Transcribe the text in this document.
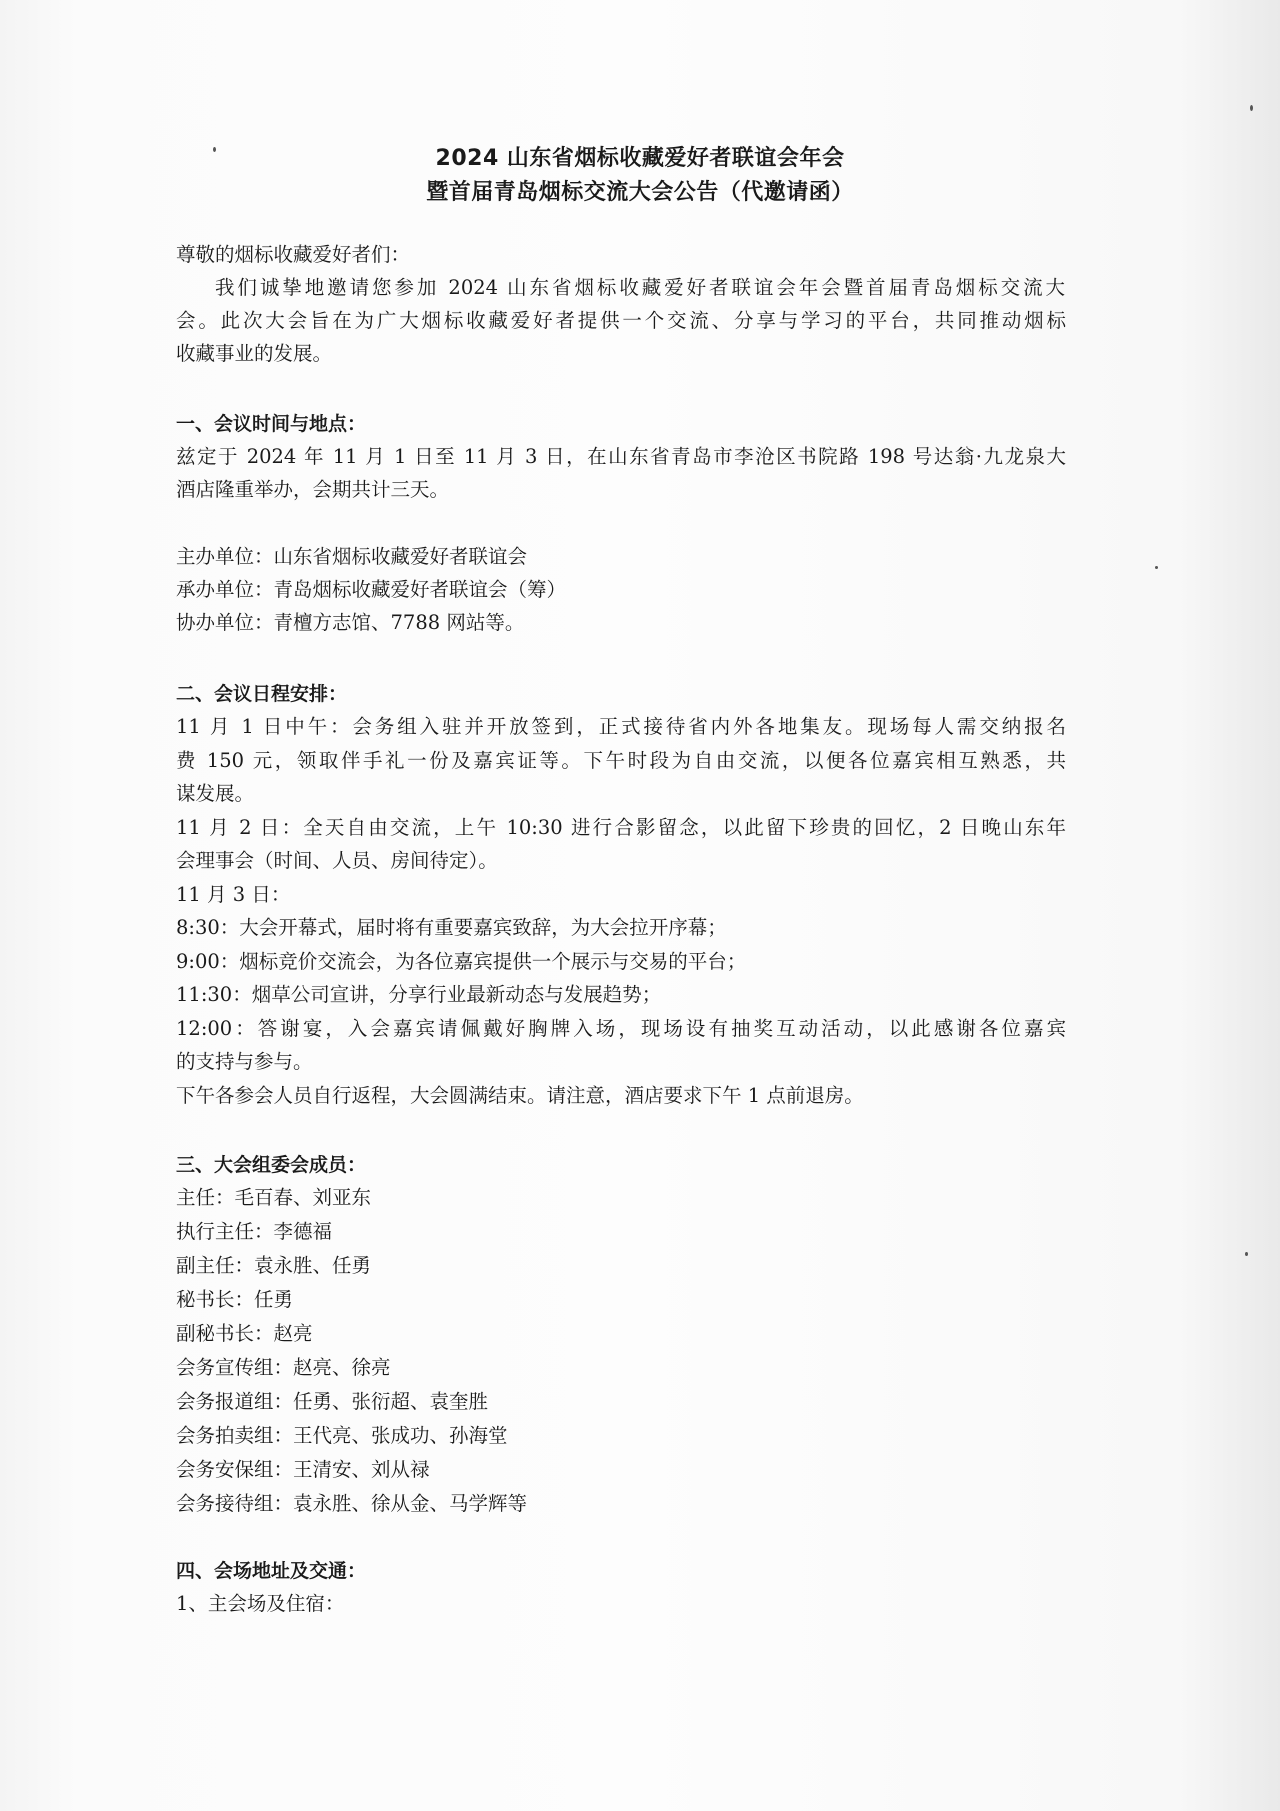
2024 山东省烟标收藏爱好者联谊会年会
暨首届青岛烟标交流大会公告（代邀请函）
尊敬的烟标收藏爱好者们：
我们诚挚地邀请您参加 2024 山东省烟标收藏爱好者联谊会年会暨首届青岛烟标交流大
会。此次大会旨在为广大烟标收藏爱好者提供一个交流、分享与学习的平台，共同推动烟标
收藏事业的发展。
一、会议时间与地点：
兹定于 2024 年 11 月 1 日至 11 月 3 日，在山东省青岛市李沧区书院路 198 号达翁·九龙泉大
酒店隆重举办，会期共计三天。
主办单位：山东省烟标收藏爱好者联谊会
承办单位：青岛烟标收藏爱好者联谊会（筹）
协办单位：青檀方志馆、7788 网站等。
二、会议日程安排：
11 月 1 日中午：会务组入驻并开放签到，正式接待省内外各地集友。现场每人需交纳报名
费 150 元，领取伴手礼一份及嘉宾证等。下午时段为自由交流，以便各位嘉宾相互熟悉，共
谋发展。
11 月 2 日：全天自由交流，上午 10:30 进行合影留念，以此留下珍贵的回忆，2 日晚山东年
会理事会（时间、人员、房间待定）。
11 月 3 日：
8:30：大会开幕式，届时将有重要嘉宾致辞，为大会拉开序幕；
9:00：烟标竞价交流会，为各位嘉宾提供一个展示与交易的平台；
11:30：烟草公司宣讲，分享行业最新动态与发展趋势；
12:00：答谢宴，入会嘉宾请佩戴好胸牌入场，现场设有抽奖互动活动，以此感谢各位嘉宾
的支持与参与。
下午各参会人员自行返程，大会圆满结束。请注意，酒店要求下午 1 点前退房。
三、大会组委会成员：
主任：毛百春、刘亚东
执行主任：李德福
副主任：袁永胜、任勇
秘书长：任勇
副秘书长：赵亮
会务宣传组：赵亮、徐亮
会务报道组：任勇、张衍超、袁奎胜
会务拍卖组：王代亮、张成功、孙海堂
会务安保组：王清安、刘从禄
会务接待组：袁永胜、徐从金、马学辉等
四、会场地址及交通：
1、主会场及住宿：
